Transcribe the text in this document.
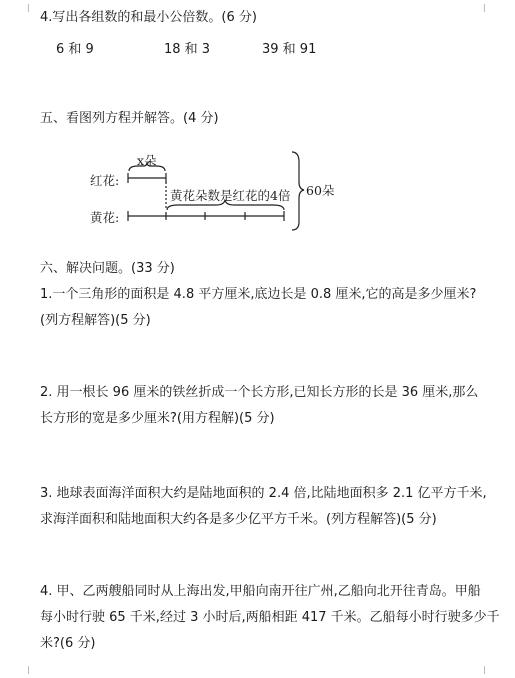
4.写出各组数的和最小公倍数。(6 分)
6 和 9	18 和 3	39 和 91
五、看图列方程并解答。(4 分)
红花:
x朵
黄花:
黄花朵数是红花的4倍 60朵
六、解决问题。(33 分)
1.一个三角形的面积是 4.8 平方厘米,底边长是 0.8 厘米,它的高是多少厘米?
(列方程解答)(5 分)
2. 用一根长 96 厘米的铁丝折成一个长方形,已知长方形的长是 36 厘米,那么
长方形的宽是多少厘米?(用方程解)(5 分)
3. 地球表面海洋面积大约是陆地面积的 2.4 倍,比陆地面积多 2.1 亿平方千米,
求海洋面积和陆地面积大约各是多少亿平方千米。(列方程解答)(5 分)
4. 甲、乙两艘船同时从上海出发,甲船向南开往广州,乙船向北开往青岛。甲船
每小时行驶 65 千米,经过 3 小时后,两船相距 417 千米。乙船每小时行驶多少千
米?(6 分)
